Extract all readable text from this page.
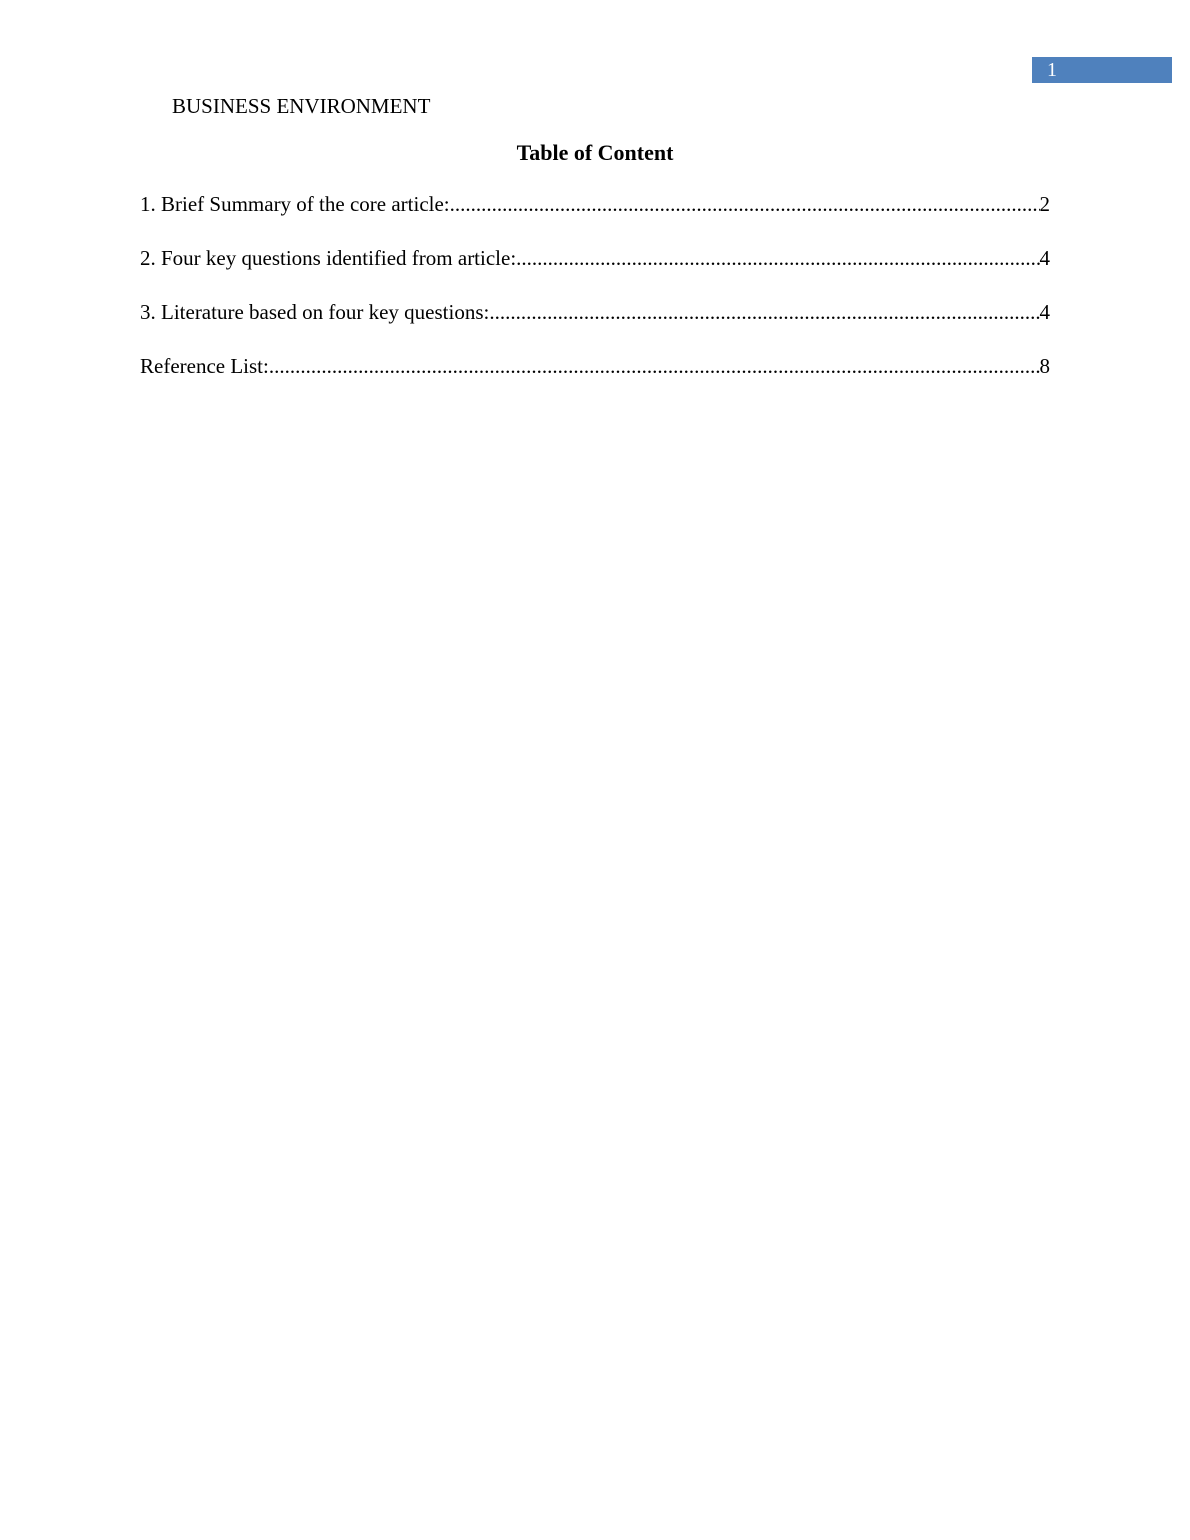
1
BUSINESS ENVIRONMENT
Table of Content
1. Brief Summary of the core article: .....	2
2. Four key questions identified from article: .....	4
3. Literature based on four key questions: .....	4
Reference List: .....	8
